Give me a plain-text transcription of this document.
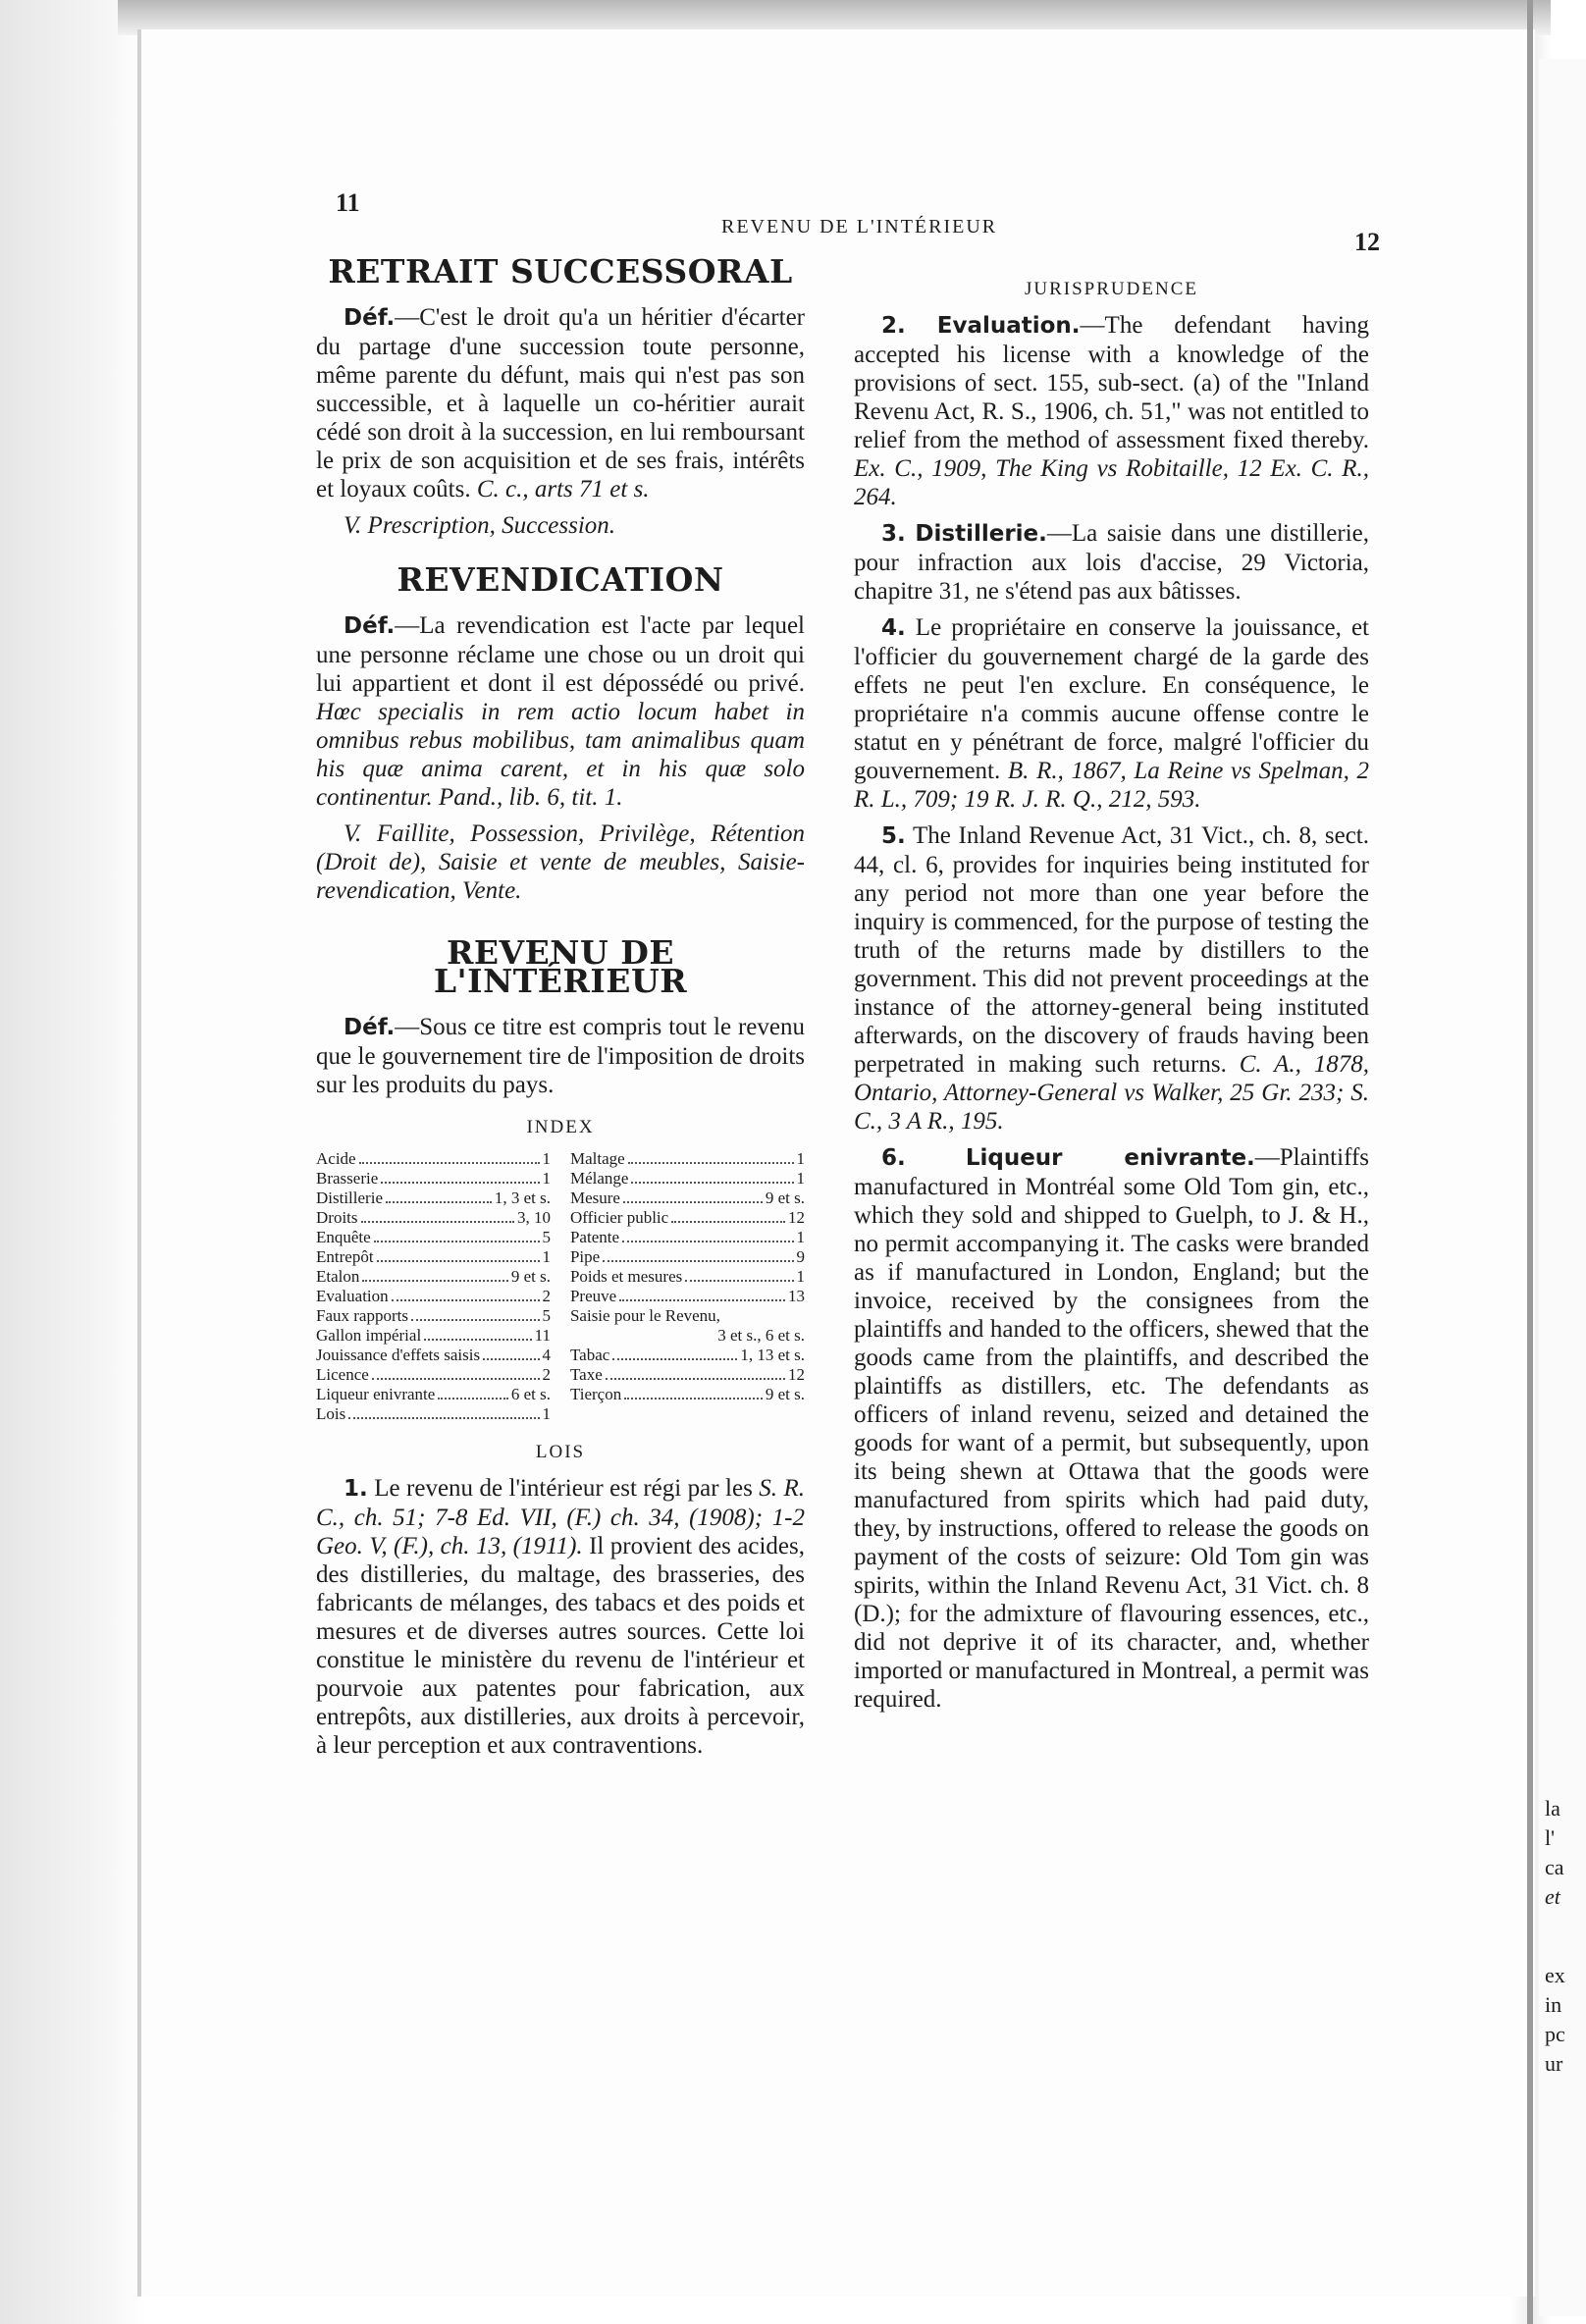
la
l'
ca
et
ex
in
pc
ur
11
REVENU DE L'INTÉRIEUR
12
RETRAIT SUCCESSORAL

Déf.—C'est le droit qu'a un héritier d'écarter du partage d'une succession toute personne, même parente du défunt, mais qui n'est pas son successible, et à laquelle un co-héritier aurait cédé son droit à la succession, en lui remboursant le prix de son acquisition et de ses frais, intérêts et loyaux coûts. C. c., arts 71 et s.

V. Prescription, Succession.

REVENDICATION

Déf.—La revendication est l'acte par lequel une personne réclame une chose ou un droit qui lui appartient et dont il est dépossédé ou privé. Hœc specialis in rem actio locum habet in omnibus rebus mobilibus, tam animalibus quam his quæ anima carent, et in his quæ solo continentur. Pand., lib. 6, tit. 1.

V. Faillite, Possession, Privilège, Rétention (Droit de), Saisie et vente de meubles, Saisie-revendication, Vente.

REVENU DE L'INTÉRIEUR

Déf.—Sous ce titre est compris tout le revenu que le gouvernement tire de l'imposition de droits sur les produits du pays.

INDEX

Acide	1
Brasserie	1
Distillerie	1, 3 et s.
Droits	3, 10
Enquête	5
Entrepôt	1
Etalon	9 et s.
Evaluation	2
Faux rapports	5
Gallon impérial	11
Jouissance d'effets saisis	4
Licence	2
Liqueur enivrante	6 et s.
Lois	1
Maltage	1
Mélange	1
Mesure	9 et s.
Officier public	12
Patente	1
Pipe	9
Poids et mesures	1
Preuve	13
Saisie pour le Revenu,
3 et s., 6 et s.
Tabac	1, 13 et s.
Taxe	12
Tierçon	9 et s.

LOIS

1. Le revenu de l'intérieur est régi par les S. R. C., ch. 51; 7-8 Ed. VII, (F.) ch. 34, (1908); 1-2 Geo. V, (F.), ch. 13, (1911). Il provient des acides, des distilleries, du maltage, des brasseries, des fabricants de mélanges, des tabacs et des poids et mesures et de diverses autres sources. Cette loi constitue le ministère du revenu de l'intérieur et pourvoie aux patentes pour fabrication, aux entrepôts, aux distilleries, aux droits à percevoir, à leur perception et aux contraventions.

JURISPRUDENCE

2. Evaluation.—The defendant having accepted his license with a knowledge of the provisions of sect. 155, sub-sect. (a) of the "Inland Revenu Act, R. S., 1906, ch. 51," was not entitled to relief from the method of assessment fixed thereby. Ex. C., 1909, The King vs Robitaille, 12 Ex. C. R., 264.

3. Distillerie.—La saisie dans une distillerie, pour infraction aux lois d'accise, 29 Victoria, chapitre 31, ne s'étend pas aux bâtisses.

4. Le propriétaire en conserve la jouissance, et l'officier du gouvernement chargé de la garde des effets ne peut l'en exclure. En conséquence, le propriétaire n'a commis aucune offense contre le statut en y pénétrant de force, malgré l'officier du gouvernement. B. R., 1867, La Reine vs Spelman, 2 R. L., 709; 19 R. J. R. Q., 212, 593.

5. The Inland Revenue Act, 31 Vict., ch. 8, sect. 44, cl. 6, provides for inquiries being instituted for any period not more than one year before the inquiry is commenced, for the purpose of testing the truth of the returns made by distillers to the government. This did not prevent proceedings at the instance of the attorney-general being instituted afterwards, on the discovery of frauds having been perpetrated in making such returns. C. A., 1878, Ontario, Attorney-General vs Walker, 25 Gr. 233; S. C., 3 A R., 195.

6.	Liqueur enivrante.—Plaintiffs manufactured in Montréal some Old Tom gin, etc., which they sold and shipped to Guelph, to J. & H., no permit accompanying it. The casks were branded as if manufactured in London, England; but the invoice, received by the consignees from the plaintiffs and handed to the officers, shewed that the goods came from the plaintiffs, and described the plaintiffs as distillers, etc. The defendants as officers of inland revenu, seized and detained the goods for want of a permit, but subsequently, upon its being shewn at Ottawa that the goods were manufactured from spirits which had paid duty, they, by instructions, offered to release the goods on payment of the costs of seizure: Old Tom gin was spirits, within the Inland Revenu Act, 31 Vict. ch. 8 (D.); for the admixture of flavouring essences, etc., did not deprive it of its character, and, whether imported or manufactured in Montreal, a permit was required.
